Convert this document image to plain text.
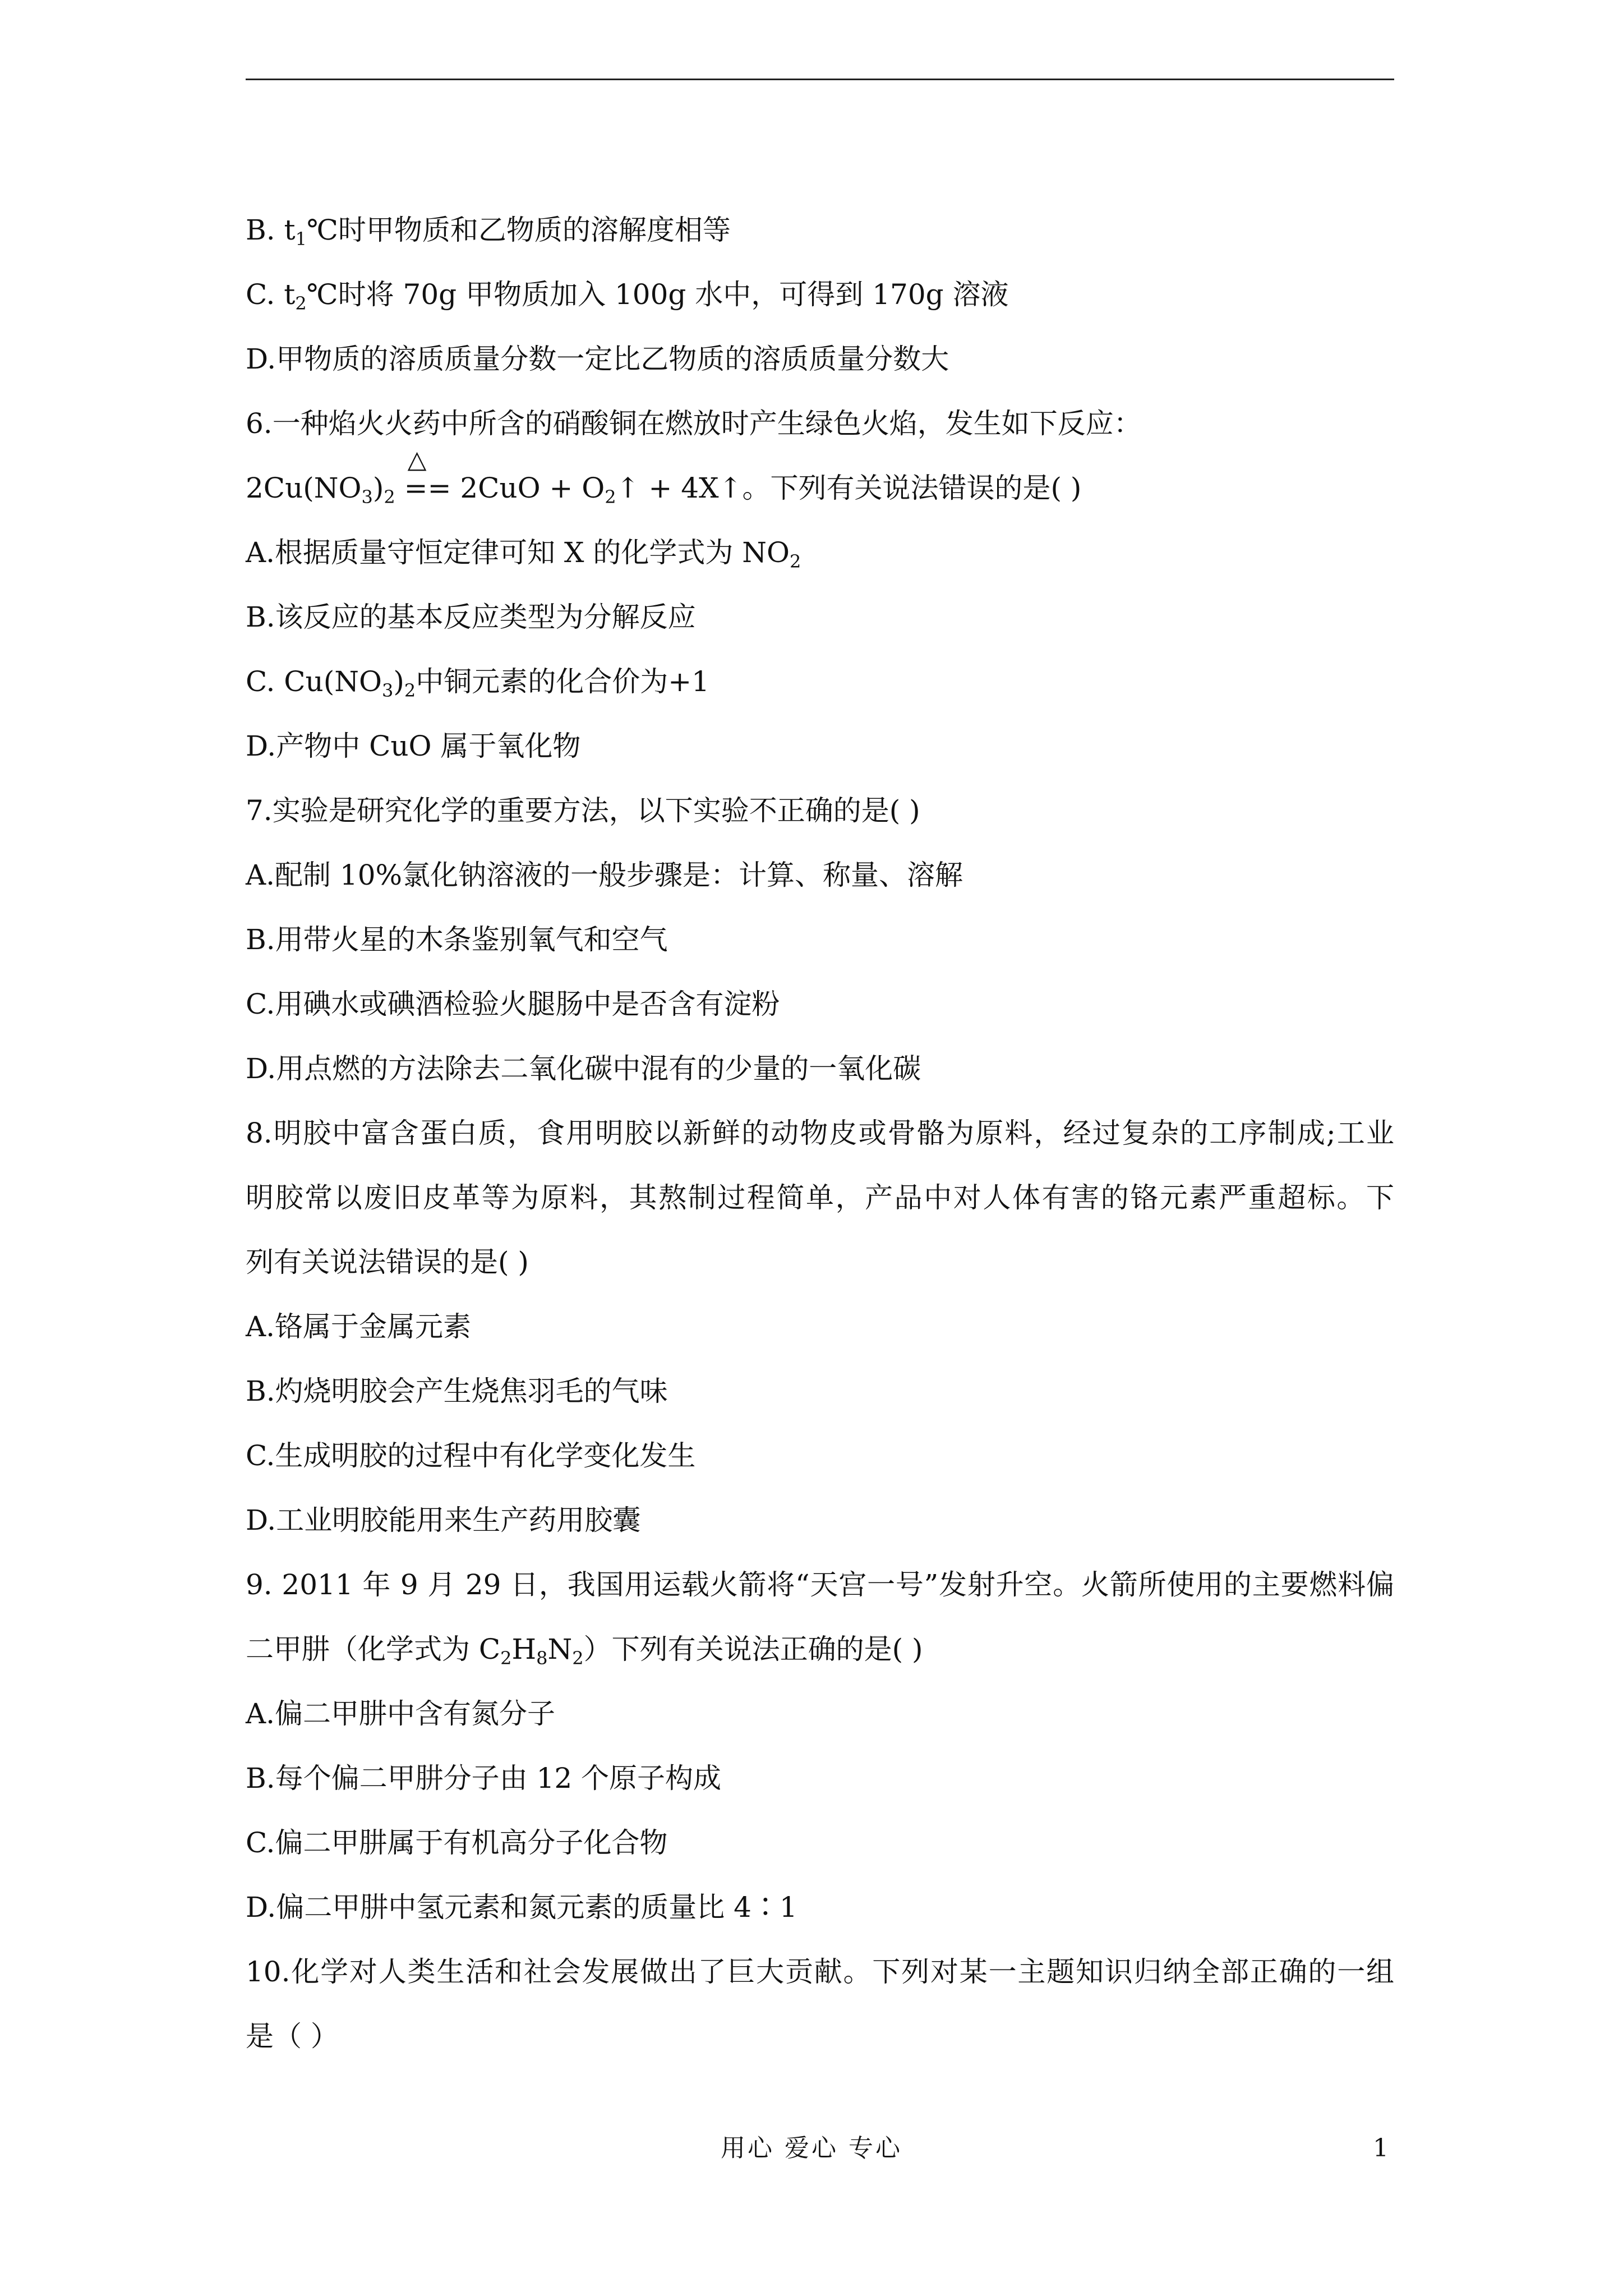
B. $t_1℃$时甲物质和乙物质的溶解度相等
C. $t_2℃$时将 70g 甲物质加入 100g 水中，可得到 170g 溶液
D.甲物质的溶质质量分数一定比乙物质的溶质质量分数大
6.一种焰火火药中所含的硝酸铜在燃放时产生绿色火焰，发生如下反应：
$2Cu(NO_3)_2$
△
== $2CuO + O_2↑$ + 4X↑。下列有关说法错误的是( )
A.根据质量守恒定律可知 X 的化学式为 $NO_2$
B.该反应的基本反应类型为分解反应
C. $Cu(NO_3)_2$中铜元素的化合价为+1
D.产物中 CuO 属于氧化物
7.实验是研究化学的重要方法，以下实验不正确的是( )
A.配制 10%氯化钠溶液的一般步骤是：计算、称量、溶解
B.用带火星的木条鉴别氧气和空气
C.用碘水或碘酒检验火腿肠中是否含有淀粉
D.用点燃的方法除去二氧化碳中混有的少量的一氧化碳
8.明胶中富含蛋白质，食用明胶以新鲜的动物皮或骨骼为原料，经过复杂的工序制成;工业
明胶常以废旧皮革等为原料，其熬制过程简单，产品中对人体有害的铬元素严重超标。下
列有关说法错误的是( )
A.铬属于金属元素
B.灼烧明胶会产生烧焦羽毛的气味
C.生成明胶的过程中有化学变化发生
D.工业明胶能用来生产药用胶囊
9. 2011 年 9 月 29 日，我国用运载火箭将“天宫一号”发射升空。火箭所使用的主要燃料偏
二甲肼（化学式为 $C_2H_8N_2$）下列有关说法正确的是( )
A.偏二甲肼中含有氮分子
B.每个偏二甲肼分子由 12 个原子构成
C.偏二甲肼属于有机高分子化合物
D.偏二甲肼中氢元素和氮元素的质量比 4∶1
10.化学对人类生活和社会发展做出了巨大贡献。下列对某一主题知识归纳全部正确的一组
是（ ）
用心 爱心 专心	1
